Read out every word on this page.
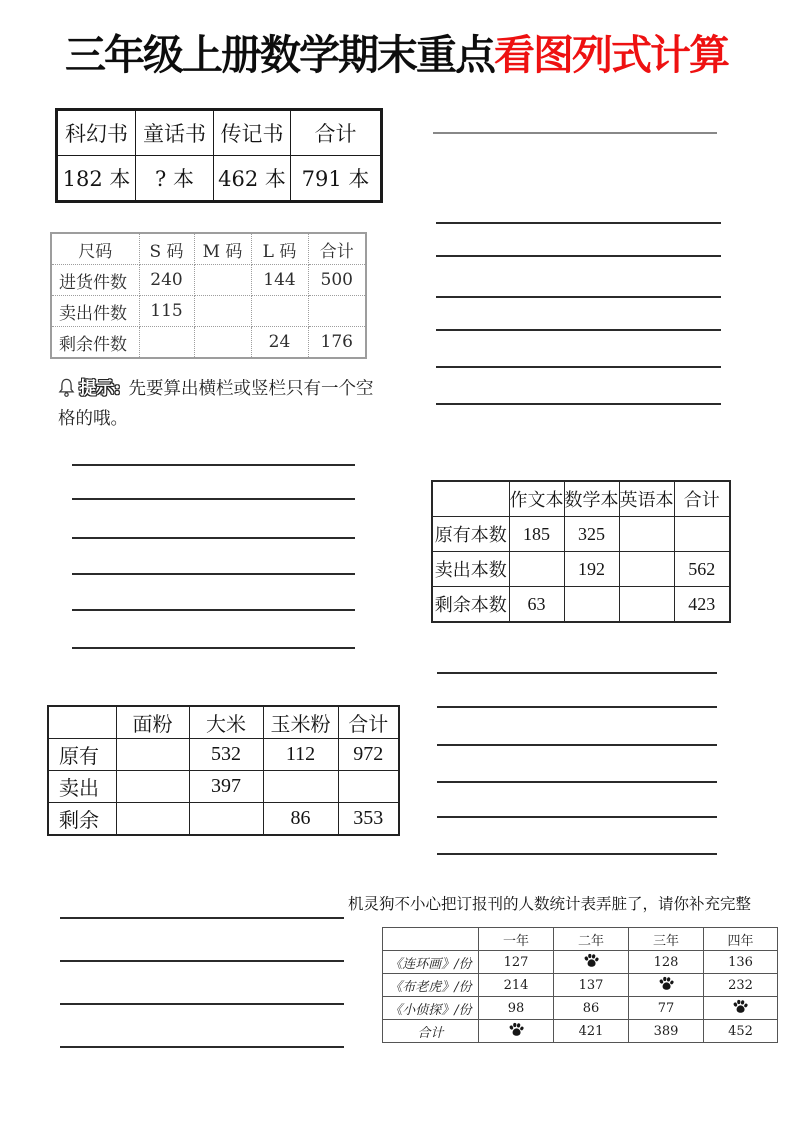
三年级上册数学期末重点看图列式计算
科幻书	童话书	传记书	合计
182 本	? 本	462 本	791 本
尺码	S 码	M 码	L 码	合计
进货件数	240		144	500
卖出件数	115			
剩余件数			24	176
提示: 先要算出横栏或竖栏只有一个空格的哦。
	作文本	数学本	英语本	合计
原有本数	185	325		
卖出本数		192		562
剩余本数	63			423
	面粉	大米	玉米粉	合计
原有		532	112	972
卖出		397		
剩余			86	353
机灵狗不小心把订报刊的人数统计表弄脏了，请你补充完整
	一年	二年	三年	四年
《连环画》/份	127		128	136
《布老虎》/份	214	137		232
《小侦探》/份	98	86	77	
合计		421	389	452
